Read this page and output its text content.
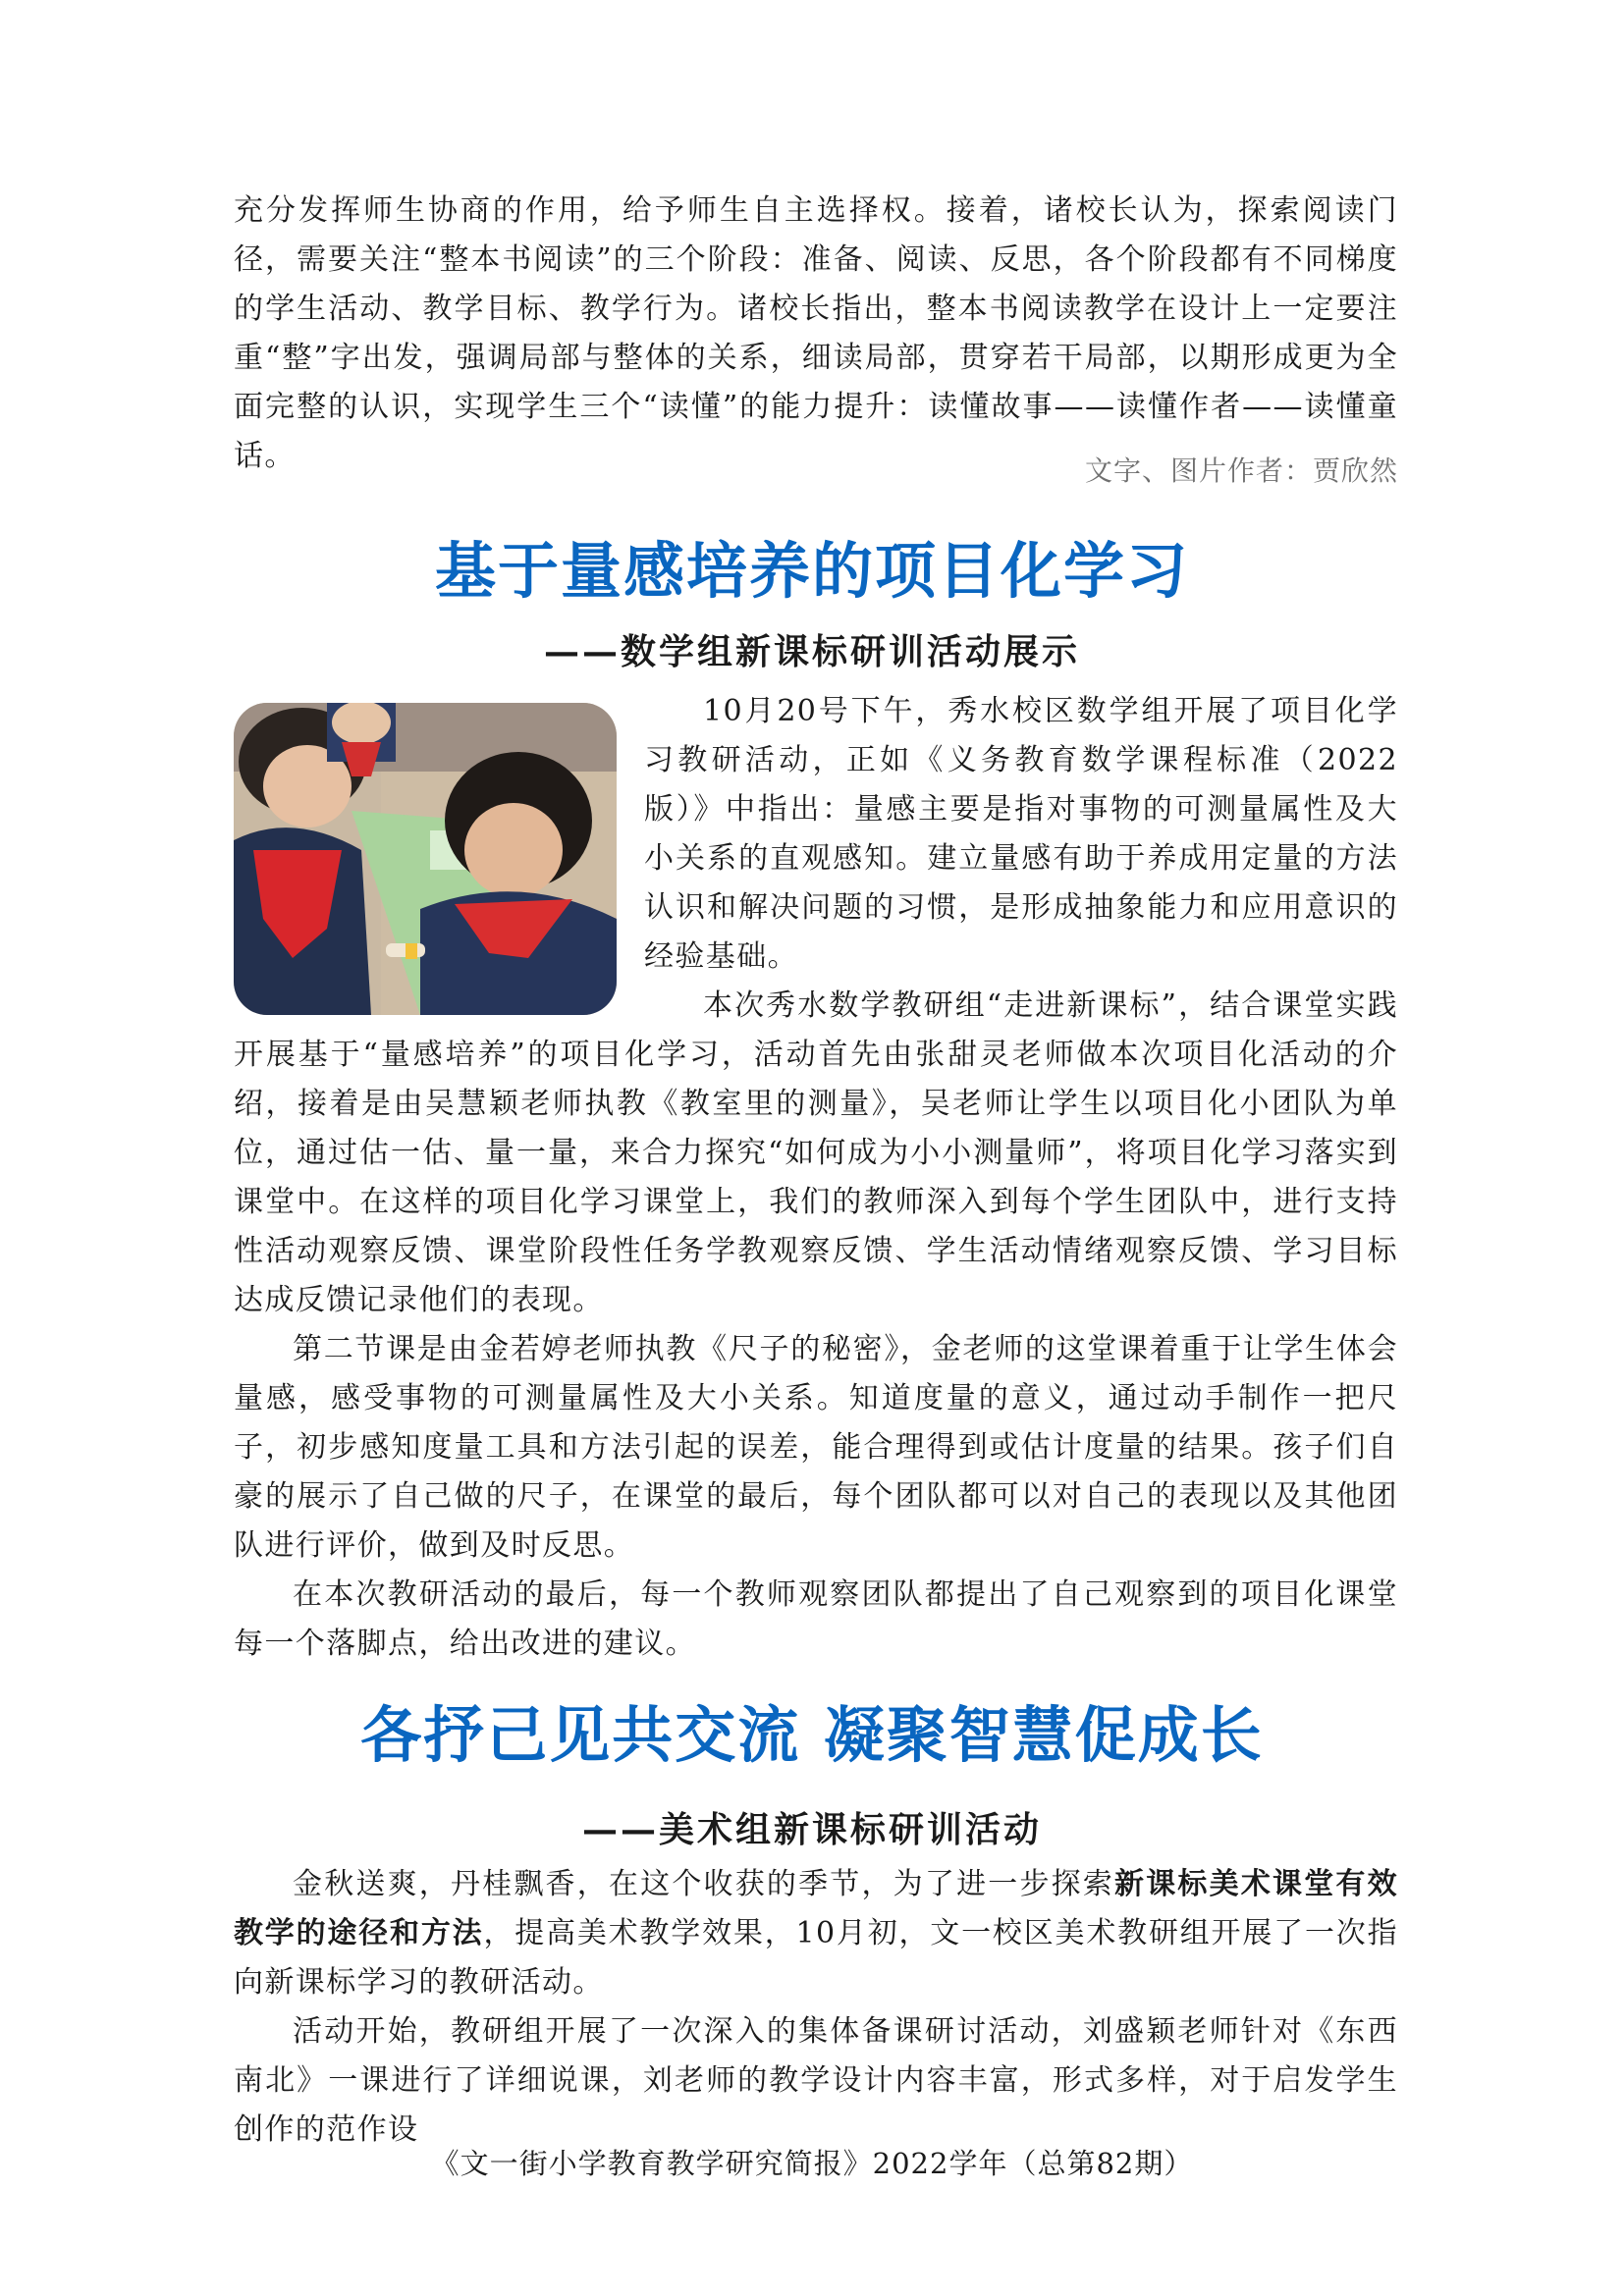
充分发挥师生协商的作用，给予师生自主选择权。接着，诸校长认为，探索阅读门径，需要关注“整本书阅读”的三个阶段：准备、阅读、反思，各个阶段都有不同梯度的学生活动、教学目标、教学行为。诸校长指出，整本书阅读教学在设计上一定要注重“整”字出发，强调局部与整体的关系，细读局部，贯穿若干局部，以期形成更为全面完整的认识，实现学生三个“读懂”的能力提升：读懂故事——读懂作者——读懂童话。	文字、图片作者：贾欣然

基于量感培养的项目化学习
——数学组新课标研训活动展示

10月20号下午，秀水校区数学组开展了项目化学习教研活动，正如《义务教育数学课程标准（2022版）》中指出：量感主要是指对事物的可测量属性及大小关系的直观感知。建立量感有助于养成用定量的方法认识和解决问题的习惯，是形成抽象能力和应用意识的经验基础。

本次秀水数学教研组“走进新课标”，结合课堂实践开展基于“量感培养”的项目化学习，活动首先由张甜灵老师做本次项目化活动的介绍，接着是由吴慧颖老师执教《教室里的测量》，吴老师让学生以项目化小团队为单位，通过估一估、量一量，来合力探究“如何成为小小测量师”，将项目化学习落实到课堂中。在这样的项目化学习课堂上，我们的教师深入到每个学生团队中，进行支持性活动观察反馈、课堂阶段性任务学教观察反馈、学生活动情绪观察反馈、学习目标达成反馈记录他们的表现。

第二节课是由金若婷老师执教《尺子的秘密》，金老师的这堂课着重于让学生体会量感，感受事物的可测量属性及大小关系。知道度量的意义，通过动手制作一把尺子，初步感知度量工具和方法引起的误差，能合理得到或估计度量的结果。孩子们自豪的展示了自己做的尺子，在课堂的最后，每个团队都可以对自己的表现以及其他团队进行评价，做到及时反思。

在本次教研活动的最后，每一个教师观察团队都提出了自己观察到的项目化课堂每一个落脚点，给出改进的建议。

各抒己见共交流 凝聚智慧促成长
——美术组新课标研训活动

金秋送爽，丹桂飘香，在这个收获的季节，为了进一步探索新课标美术课堂有效教学的途径和方法，提高美术教学效果，10月初，文一校区美术教研组开展了一次指向新课标学习的教研活动。

活动开始，教研组开展了一次深入的集体备课研讨活动，刘盛颖老师针对《东西南北》一课进行了详细说课，刘老师的教学设计内容丰富，形式多样，对于启发学生创作的范作设

《文一街小学教育教学研究简报》2022学年（总第82期）
